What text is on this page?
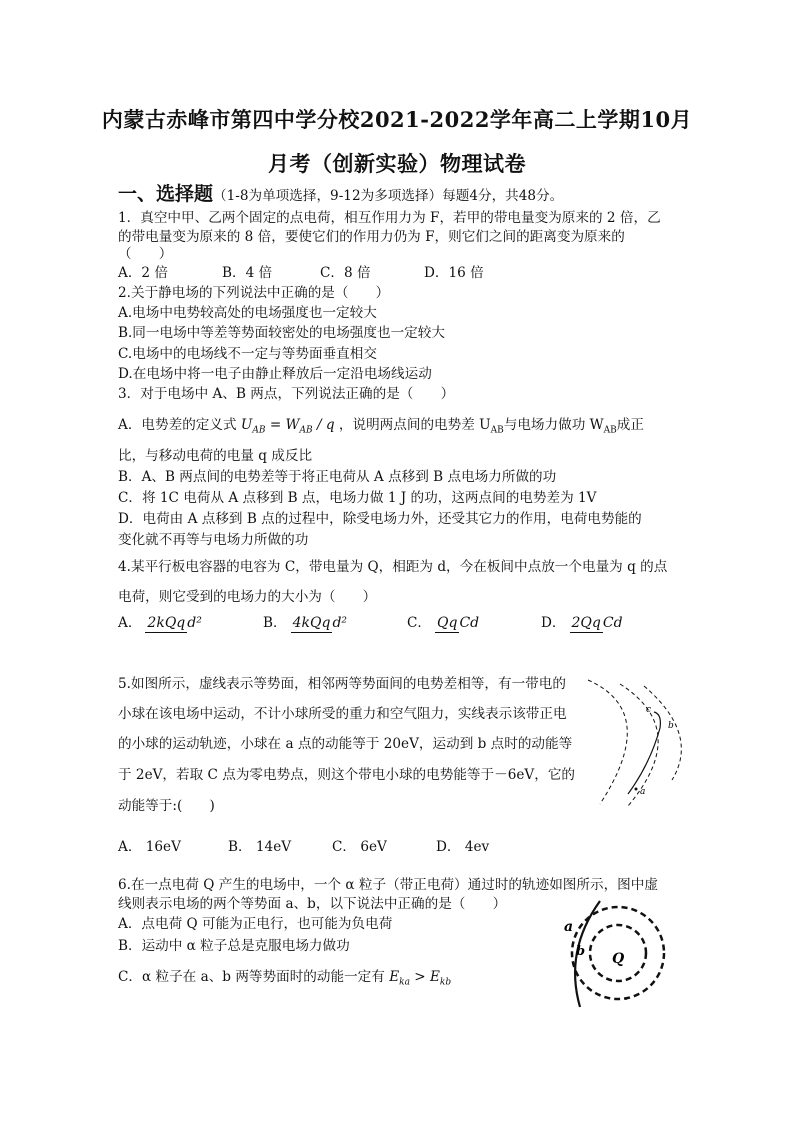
内蒙古赤峰市第四中学分校2021-2022学年高二上学期10月
月考（创新实验）物理试卷
一、选择题（1-8为单项选择，9-12为多项选择）每题4分，共48分。
1．真空中甲、乙两个固定的点电荷，相互作用力为 F，若甲的带电量变为原来的 2 倍，乙
的带电量变为原来的 8 倍，要使它们的作用力仍为 F，则它们之间的距离变为原来的
（　　）
A．2 倍	B．4 倍	C．8 倍	D．16 倍
2.关于静电场的下列说法中正确的是（　　）
A.电场中电势较高处的电场强度也一定较大
B.同一电场中等差等势面较密处的电场强度也一定较大
C.电场中的电场线不一定与等势面垂直相交
D.在电场中将一电子由静止释放后一定沿电场线运动
3．对于电场中 A、B 两点，下列说法正确的是（　　）
A．电势差的定义式 $U_{AB} = W_{AB} / q$ ，说明两点间的电势差 $U_{AB}$与电场力做功 $W_{AB}$成正
比，与移动电荷的电量 q 成反比
B．A、B 两点间的电势差等于将正电荷从 A 点移到 B 点电场力所做的功
C．将 1C 电荷从 A 点移到 B 点，电场力做 1 J 的功，这两点间的电势差为 1V
D．电荷由 A 点移到 B 点的过程中，除受电场力外，还受其它力的作用，电荷电势能的
变化就不再等与电场力所做的功
4.某平行板电容器的电容为 C，带电量为 Q，相距为 d，今在板间中点放一个电量为 q 的点
电荷，则它受到的电场力的大小为（　　）
A． 2kQq d²	B． 4kQq d²	C． Qq Cd	D． 2Qq Cd
5.如图所示，虚线表示等势面，相邻两等势面间的电势差相等，有一带电的
小球在该电场中运动，不计小球所受的重力和空气阻力，实线表示该带正电
的小球的运动轨迹，小球在 a 点的动能等于 20eV，运动到 b 点时的动能等
于 2eV，若取 C 点为零电势点，则这个带电小球的电势能等于－6eV，它的
动能等于:(　　)
A． 16eV	B． 14eV	C． 6eV	D． 4ev
a
b
c
6.在一点电荷 Q 产生的电场中，一个 α 粒子（带正电荷）通过时的轨迹如图所示，图中虚
线则表示电场的两个等势面 a、b，以下说法中正确的是（　　）
A．点电荷 Q 可能为正电行，也可能为负电荷
B．运动中 α 粒子总是克服电场力做功
C．α 粒子在 a、b 两等势面时的动能一定有 $E_{ka} > E_{kb}$
a
b Q
